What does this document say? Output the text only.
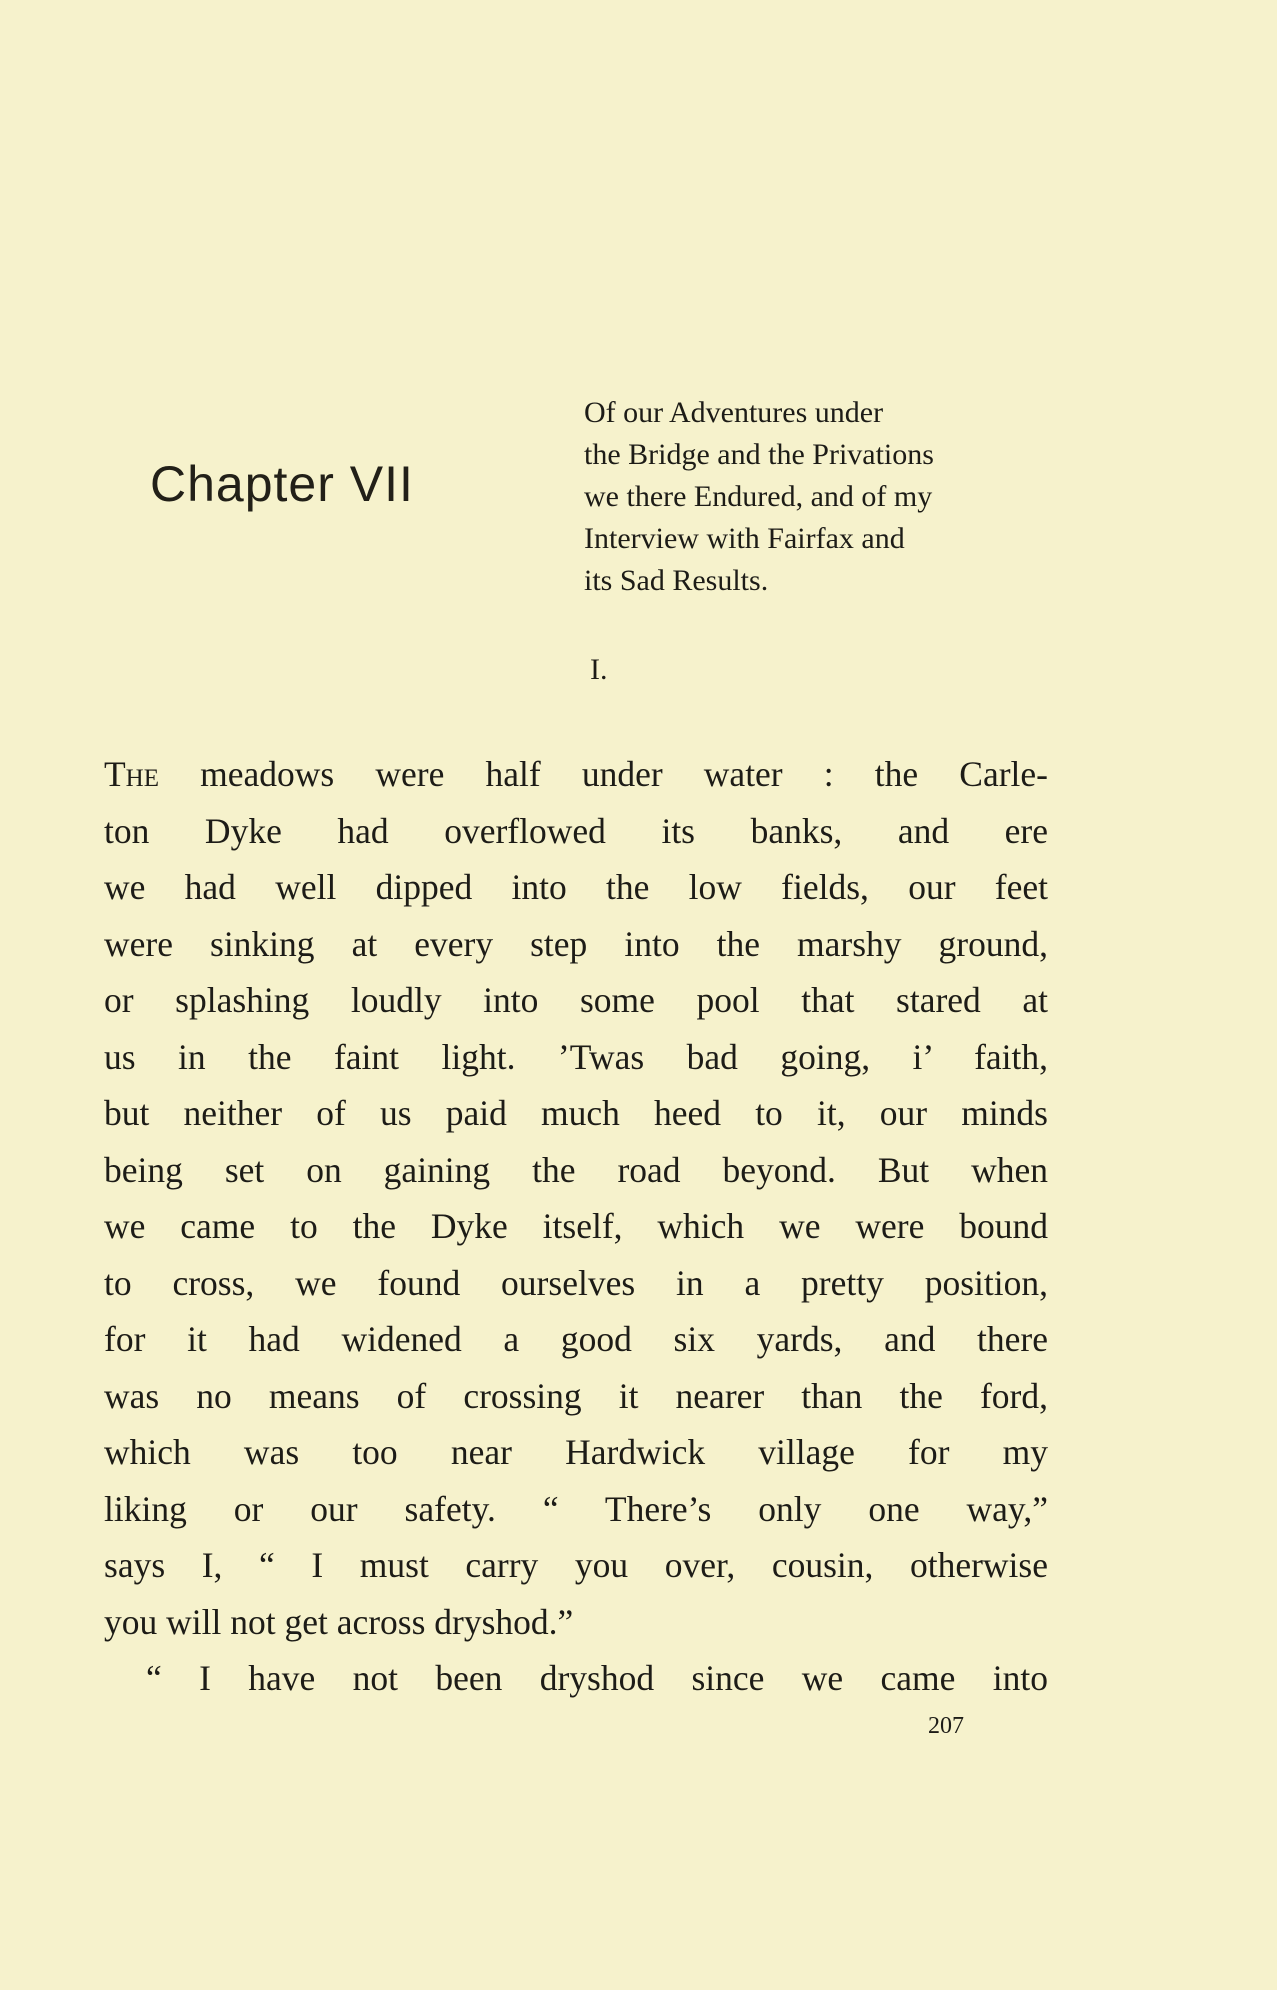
Chapter VII
Of our Adventures under
the Bridge and the Privations
we there Endured, and of my
Interview with Fairfax and
its Sad Results.
I.
The meadows were half under water : the Carle-
ton Dyke had overflowed its banks, and ere
we had well dipped into the low fields, our feet
were sinking at every step into the marshy ground,
or splashing loudly into some pool that stared at
us in the faint light. ’Twas bad going, i’ faith,
but neither of us paid much heed to it, our minds
being set on gaining the road beyond. But when
we came to the Dyke itself, which we were bound
to cross, we found ourselves in a pretty position,
for it had widened a good six yards, and there
was no means of crossing it nearer than the ford,
which was too near Hardwick village for my
liking or our safety. “ There’s only one way,”
says I, “ I must carry you over, cousin, otherwise
you will not get across dryshod.”
“ I have not been dryshod since we came into
207
